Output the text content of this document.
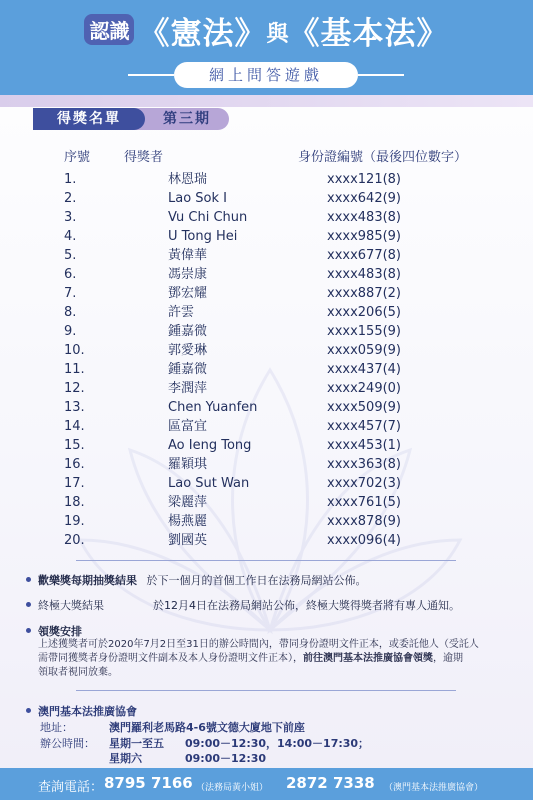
認識 《憲法》與《基本法》
網上問答遊戲
得獎名單	第三期
序號	得獎者	身份證編號（最後四位數字）
1.	林恩瑞	xxxx121(8)
2.	Lao Sok I	xxxx642(9)
3.	Vu Chi Chun	xxxx483(8)
4.	U Tong Hei	xxxx985(9)
5.	黃偉華	xxxx677(8)
6.	馮崇康	xxxx483(8)
7.	鄧宏耀	xxxx887(2)
8.	許雲	xxxx206(5)
9.	鍾嘉微	xxxx155(9)
10.	郭愛琳	xxxx059(9)
11.	鍾嘉微	xxxx437(4)
12.	李潤萍	xxxx249(0)
13.	Chen Yuanfen	xxxx509(9)
14.	區富宜	xxxx457(7)
15.	Ao Ieng Tong	xxxx453(1)
16.	羅穎琪	xxxx363(8)
17.	Lao Sut Wan	xxxx702(3)
18.	梁麗萍	xxxx761(5)
19.	楊燕麗	xxxx878(9)
20.	劉國英	xxxx096(4)
歡樂獎每期抽獎結果 於下一個月的首個工作日在法務局網站公佈。
終極大獎結果	於12月4日在法務局網站公佈，終極大獎得獎者將有專人通知。
領獎安排
上述獲獎者可於2020年7月2日至31日的辦公時間內，帶同身份證明文件正本，或委託他人（受託人
需帶同獲獎者身份證明文件副本及本人身份證明文件正本），前往澳門基本法推廣協會領獎，逾期
領取者視同放棄。
澳門基本法推廣協會
地址：	澳門羅利老馬路4-6號文德大廈地下前座
辦公時間： 星期一至五 09:00－12:30，14:00－17:30；
星期六	09:00－12:30
查詢電話： 8795 7166 （法務局黃小姐） 2872 7338 （澳門基本法推廣協會）
